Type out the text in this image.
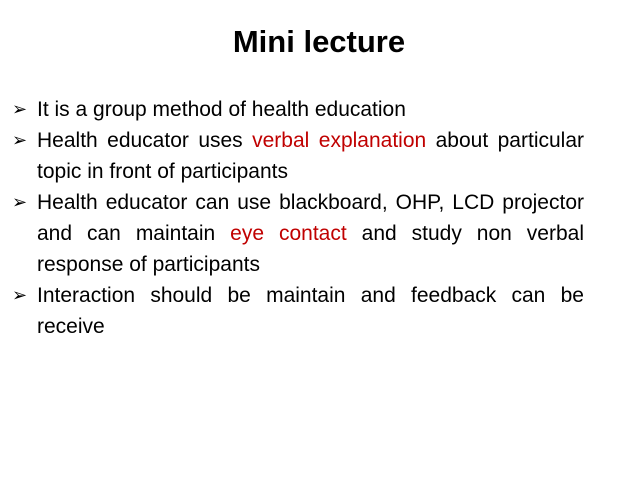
Mini lecture
➢ It is a group method of health education
➢ Health educator uses verbal explanation about particular topic in front of participants
➢ Health educator can use blackboard, OHP, LCD projector and can maintain eye contact and study non verbal response of participants
➢ Interaction should be maintain and feedback can be receive
